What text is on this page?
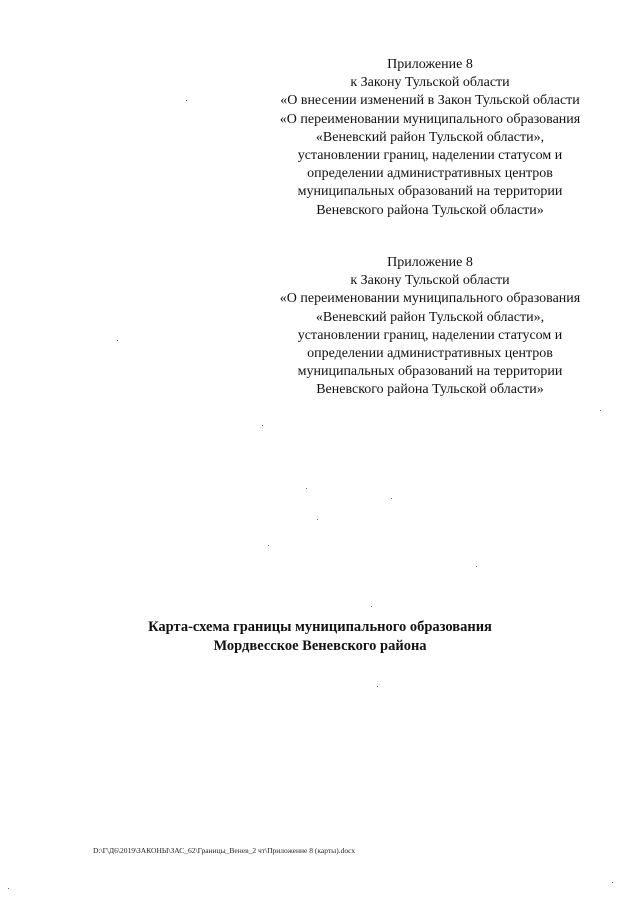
Приложение 8
к Закону Тульской области
«О внесении изменений в Закон Тульской области
«О переименовании муниципального образования
«Веневский район Тульской области»,
установлении границ, наделении статусом и
определении административных центров
муниципальных образований на территории
Веневского района Тульской области»
Приложение 8
к Закону Тульской области
«О переименовании муниципального образования
«Веневский район Тульской области»,
установлении границ, наделении статусом и
определении административных центров
муниципальных образований на территории
Веневского района Тульской области»
Карта-схема границы муниципального образования
Мордвесское Веневского района
D:\Г\Д6\2019\ЗАКОНЫ\ЗАС_62\Границы_Венев_2 чт\Приложение 8 (карты).docx
